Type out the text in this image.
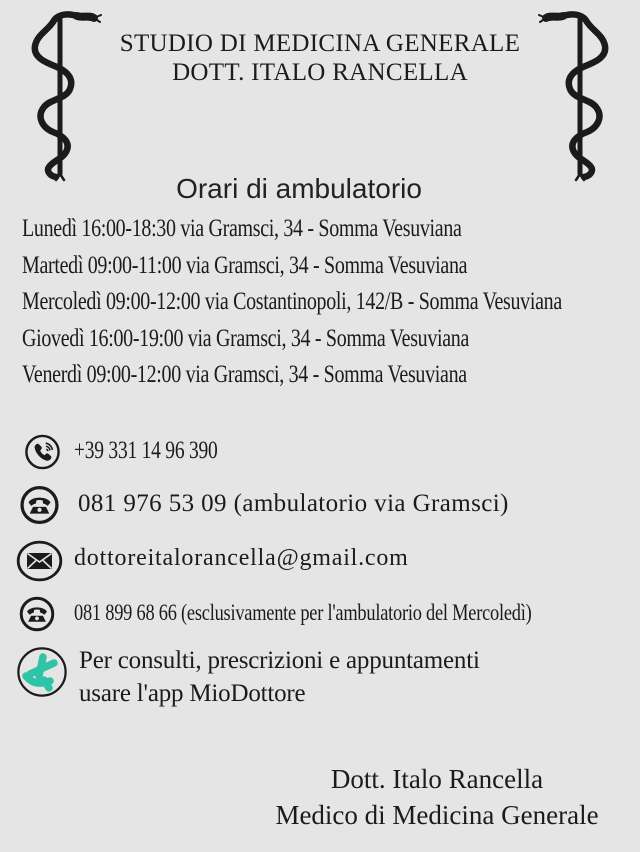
STUDIO DI MEDICINA GENERALE
DOTT. ITALO RANCELLA
Orari di ambulatorio
Lunedì 16:00-18:30 via Gramsci, 34 - Somma Vesuviana
Martedì 09:00-11:00 via Gramsci, 34 - Somma Vesuviana
Mercoledì 09:00-12:00 via Costantinopoli, 142/B - Somma Vesuviana
Giovedì 16:00-19:00 via Gramsci, 34 - Somma Vesuviana
Venerdì 09:00-12:00 via Gramsci, 34 - Somma Vesuviana
+39 331 14 96 390
081 976 53 09 (ambulatorio via Gramsci)
dottoreitalorancella@gmail.com
081 899 68 66 (esclusivamente per l'ambulatorio del Mercoledì)
Per consulti, prescrizioni e appuntamenti
usare l'app MioDottore
Dott. Italo Rancella
Medico di Medicina Generale
